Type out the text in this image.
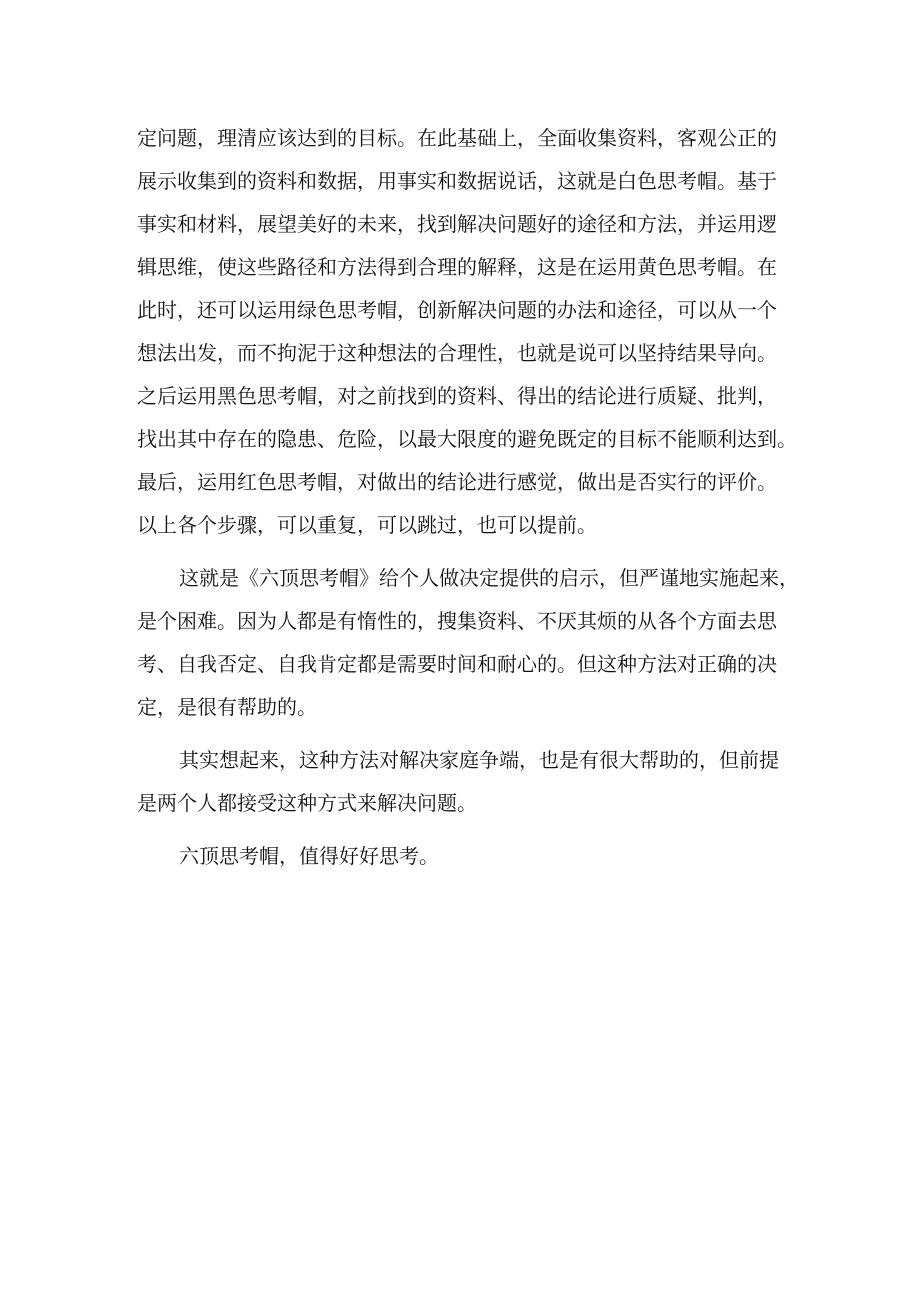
定问题，理清应该达到的目标。在此基础上，全面收集资料，客观公正的
展示收集到的资料和数据，用事实和数据说话，这就是白色思考帽。基于
事实和材料，展望美好的未来，找到解决问题好的途径和方法，并运用逻
辑思维，使这些路径和方法得到合理的解释，这是在运用黄色思考帽。在
此时，还可以运用绿色思考帽，创新解决问题的办法和途径，可以从一个
想法出发，而不拘泥于这种想法的合理性，也就是说可以坚持结果导向。
之后运用黑色思考帽，对之前找到的资料、得出的结论进行质疑、批判，
找出其中存在的隐患、危险，以最大限度的避免既定的目标不能顺利达到。
最后，运用红色思考帽，对做出的结论进行感觉，做出是否实行的评价。
以上各个步骤，可以重复，可以跳过，也可以提前。
这就是《六顶思考帽》给个人做决定提供的启示，但严谨地实施起来，
是个困难。因为人都是有惰性的，搜集资料、不厌其烦的从各个方面去思
考、自我否定、自我肯定都是需要时间和耐心的。但这种方法对正确的决
定，是很有帮助的。
其实想起来，这种方法对解决家庭争端，也是有很大帮助的，但前提
是两个人都接受这种方式来解决问题。
六顶思考帽，值得好好思考。
